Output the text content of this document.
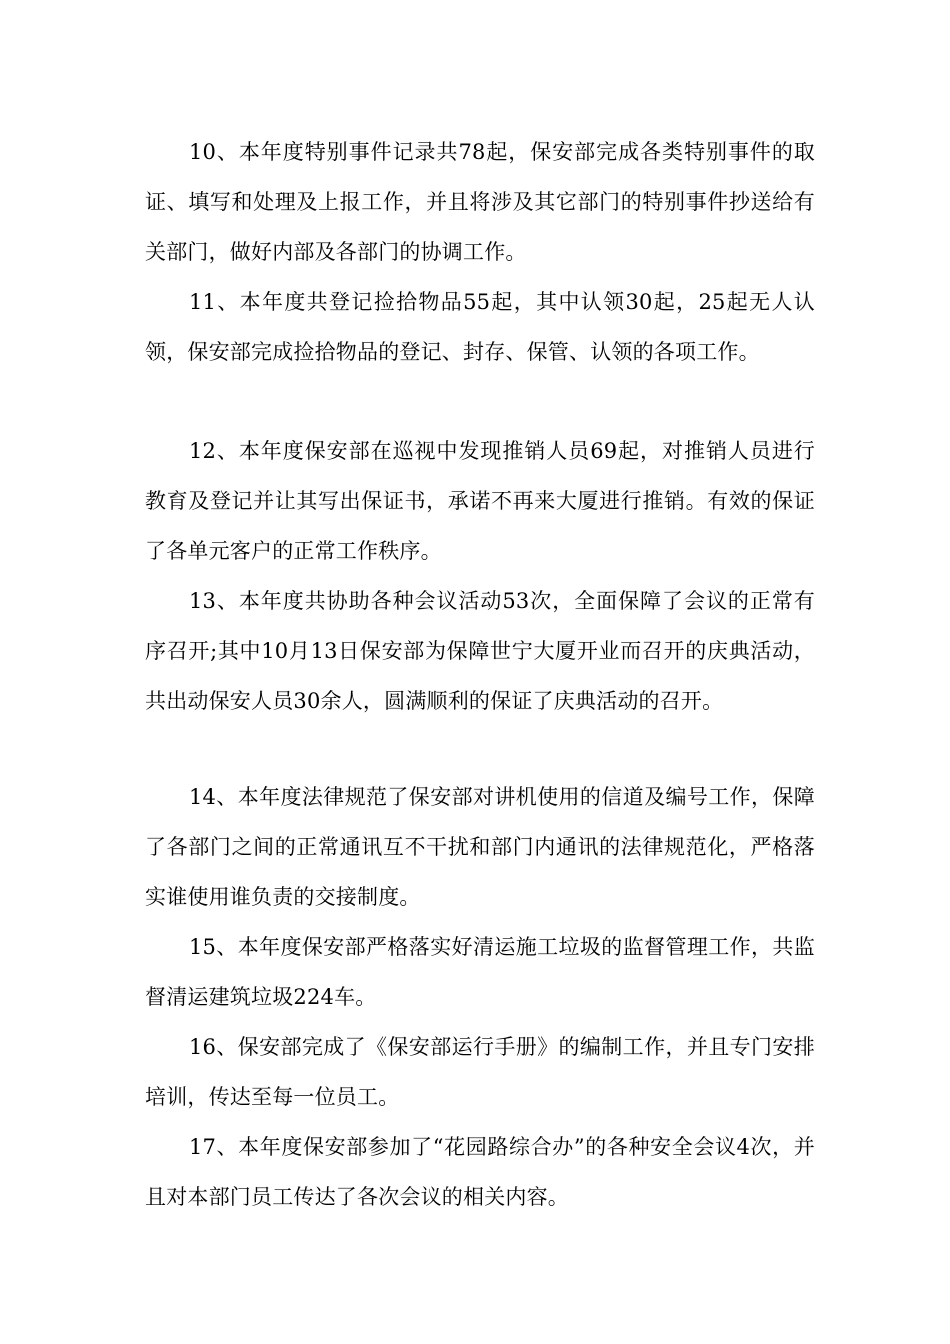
10、本年度特别事件记录共78起，保安部完成各类特别事件的取证、填写和处理及上报工作，并且将涉及其它部门的特别事件抄送给有关部门，做好内部及各部门的协调工作。

11、本年度共登记捡拾物品55起，其中认领30起，25起无人认领，保安部完成捡拾物品的登记、封存、保管、认领的各项工作。

12、本年度保安部在巡视中发现推销人员69起，对推销人员进行教育及登记并让其写出保证书，承诺不再来大厦进行推销。有效的保证了各单元客户的正常工作秩序。

13、本年度共协助各种会议活动53次，全面保障了会议的正常有序召开;其中10月13日保安部为保障世宁大厦开业而召开的庆典活动，共出动保安人员30余人，圆满顺利的保证了庆典活动的召开。

14、本年度法律规范了保安部对讲机使用的信道及编号工作，保障了各部门之间的正常通讯互不干扰和部门内通讯的法律规范化，严格落实谁使用谁负责的交接制度。

15、本年度保安部严格落实好清运施工垃圾的监督管理工作，共监督清运建筑垃圾224车。

16、保安部完成了《保安部运行手册》的编制工作，并且专门安排培训，传达至每一位员工。

17、本年度保安部参加了“花园路综合办”的各种安全会议4次，并且对本部门员工传达了各次会议的相关内容。
